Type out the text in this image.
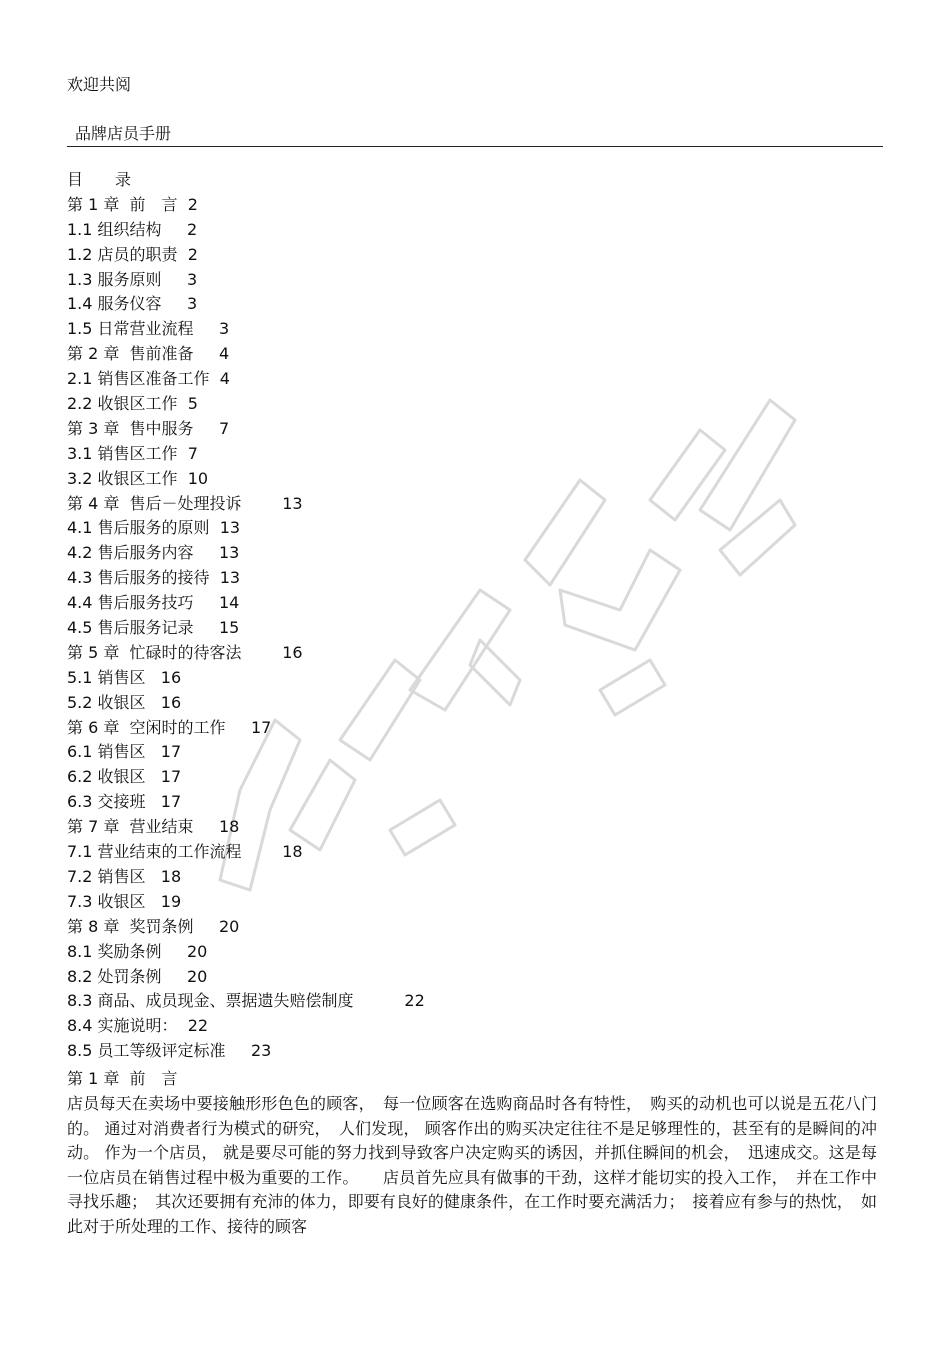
欢迎共阅
品牌店员手册
目　　录
第 1 章  前　言  2
1.1 组织结构     2
1.2 店员的职责  2
1.3 服务原则     3
1.4 服务仪容     3
1.5 日常营业流程     3
第 2 章  售前准备     4
2.1 销售区准备工作  4
2.2 收银区工作  5
第 3 章  售中服务     7
3.1 销售区工作  7
3.2 收银区工作  10
第 4 章  售后－处理投诉        13
4.1 售后服务的原则  13
4.2 售后服务内容     13
4.3 售后服务的接待  13
4.4 售后服务技巧     14
4.5 售后服务记录     15
第 5 章  忙碌时的待客法        16
5.1 销售区   16
5.2 收银区   16
第 6 章  空闲时的工作     17
6.1 销售区   17
6.2 收银区   17
6.3 交接班   17
第 7 章  营业结束     18
7.1 营业结束的工作流程        18
7.2 销售区   18
7.3 收银区   19
第 8 章  奖罚条例     20
8.1 奖励条例     20
8.2 处罚条例     20
8.3 商品、成员现金、票据遗失赔偿制度          22
8.4 实施说明：  22
8.5 员工等级评定标准     23
第 1 章  前　言

店员每天在卖场中要接触形形色色的顾客，　每一位顾客在选购商品时各有特性，　购买的动机也可以说是五花八门的。 通过对消费者行为模式的研究，　人们发现， 顾客作出的购买决定往往不是足够理性的，甚至有的是瞬间的冲动。 作为一个店员， 就是要尽可能的努力找到导致客户决定购买的诱因，并抓住瞬间的机会，　迅速成交。这是每一位店员在销售过程中极为重要的工作。　　店员首先应具有做事的干劲，这样才能切实的投入工作，　并在工作中寻找乐趣；　其次还要拥有充沛的体力，即要有良好的健康条件，在工作时要充满活力；　接着应有参与的热忱，　如此对于所处理的工作、接待的顾客
